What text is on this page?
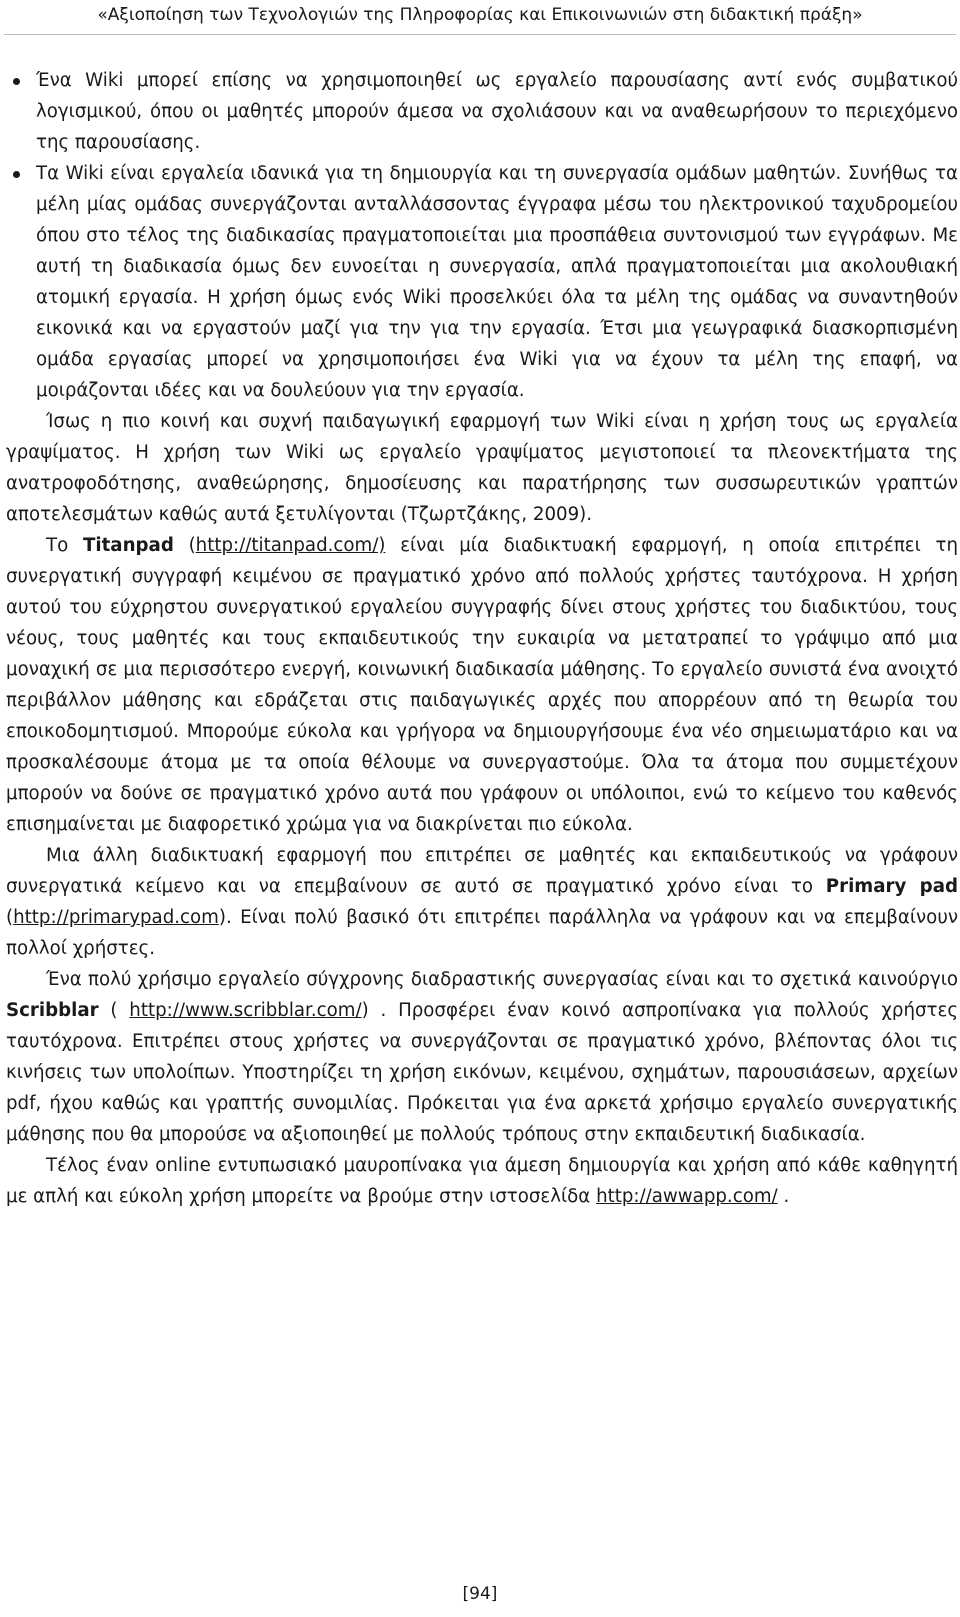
«Αξιοποίηση των Τεχνολογιών της Πληροφορίας και Επικοινωνιών στη διδακτική πράξη»
Ένα Wiki μπορεί επίσης να χρησιμοποιηθεί ως εργαλείο παρουσίασης αντί ενός συμβατικού λογισμικού, όπου οι μαθητές μπορούν άμεσα να σχολιάσουν και να αναθεωρήσουν το περιεχόμενο της παρουσίασης.
Τα Wiki είναι εργαλεία ιδανικά για τη δημιουργία και τη συνεργασία ομάδων μαθητών. Συνήθως τα μέλη μίας ομάδας συνεργάζονται ανταλλάσσοντας έγγραφα μέσω του ηλεκτρονικού ταχυδρομείου όπου στο τέλος της διαδικασίας πραγματοποιείται μια προσπάθεια συντονισμού των εγγράφων. Με αυτή τη διαδικασία όμως δεν ευνοείται η συνεργασία, απλά πραγματοποιείται μια ακολουθιακή ατομική εργασία. Η χρήση όμως ενός Wiki προσελκύει όλα τα μέλη της ομάδας να συναντηθούν εικονικά και να εργαστούν μαζί για την για την εργασία. Έτσι μια γεωγραφικά διασκορπισμένη ομάδα εργασίας μπορεί να χρησιμοποιήσει ένα Wiki για να έχουν τα μέλη της επαφή, να μοιράζονται ιδέες και να δουλεύουν για την εργασία.

Ίσως η πιο κοινή και συχνή παιδαγωγική εφαρμογή των Wiki είναι η χρήση τους ως εργαλεία γραψίματος. Η χρήση των Wiki ως εργαλείο γραψίματος μεγιστοποιεί τα πλεονεκτήματα της ανατροφοδότησης, αναθεώρησης, δημοσίευσης και παρατήρησης των συσσωρευτικών γραπτών αποτελεσμάτων καθώς αυτά ξετυλίγονται (Τζωρτζάκης, 2009).

Το Titanpad (http://titanpad.com/) είναι μία διαδικτυακή εφαρμογή, η οποία επιτρέπει τη συνεργατική συγγραφή κειμένου σε πραγματικό χρόνο από πολλούς χρήστες ταυτόχρονα. Η χρήση αυτού του εύχρηστου συνεργατικού εργαλείου συγγραφής δίνει στους χρήστες του διαδικτύου, τους νέους, τους μαθητές και τους εκπαιδευτικούς την ευκαιρία να μετατραπεί το γράψιμο από μια μοναχική σε μια περισσότερο ενεργή, κοινωνική διαδικασία μάθησης. Το εργαλείο συνιστά ένα ανοιχτό περιβάλλον μάθησης και εδράζεται στις παιδαγωγικές αρχές που απορρέουν από τη θεωρία του εποικοδομητισμού. Μπορούμε εύκολα και γρήγορα να δημιουργήσουμε ένα νέο σημειωματάριο και να προσκαλέσουμε άτομα με τα οποία θέλουμε να συνεργαστούμε. Όλα τα άτομα που συμμετέχουν μπορούν να δούνε σε πραγματικό χρόνο αυτά που γράφουν οι υπόλοιποι, ενώ το κείμενο του καθενός επισημαίνεται με διαφορετικό χρώμα για να διακρίνεται πιο εύκολα.

Μια άλλη διαδικτυακή εφαρμογή που επιτρέπει σε μαθητές και εκπαιδευτικούς να γράφουν συνεργατικά κείμενο και να επεμβαίνουν σε αυτό σε πραγματικό χρόνο είναι το Primary pad (http://primarypad.com). Είναι πολύ βασικό ότι επιτρέπει παράλληλα να γράφουν και να επεμβαίνουν πολλοί χρήστες.

Ένα πολύ χρήσιμο εργαλείο σύγχρονης διαδραστικής συνεργασίας είναι και το σχετικά καινούργιο Scribblar ( http://www.scribblar.com/) . Προσφέρει έναν κοινό ασπροπίνακα για πολλούς χρήστες ταυτόχρονα. Επιτρέπει στους χρήστες να συνεργάζονται σε πραγματικό χρόνο, βλέποντας όλοι τις κινήσεις των υπολοίπων. Υποστηρίζει τη χρήση εικόνων, κειμένου, σχημάτων, παρουσιάσεων, αρχείων pdf, ήχου καθώς και γραπτής συνομιλίας. Πρόκειται για ένα αρκετά χρήσιμο εργαλείο συνεργατικής μάθησης που θα μπορούσε να αξιοποιηθεί με πολλούς τρόπους στην εκπαιδευτική διαδικασία.

Τέλος έναν online εντυπωσιακό μαυροπίνακα για άμεση δημιουργία και χρήση από κάθε καθηγητή με απλή και εύκολη χρήση μπορείτε να βρούμε στην ιστοσελίδα http://awwapp.com/ .

[94]
